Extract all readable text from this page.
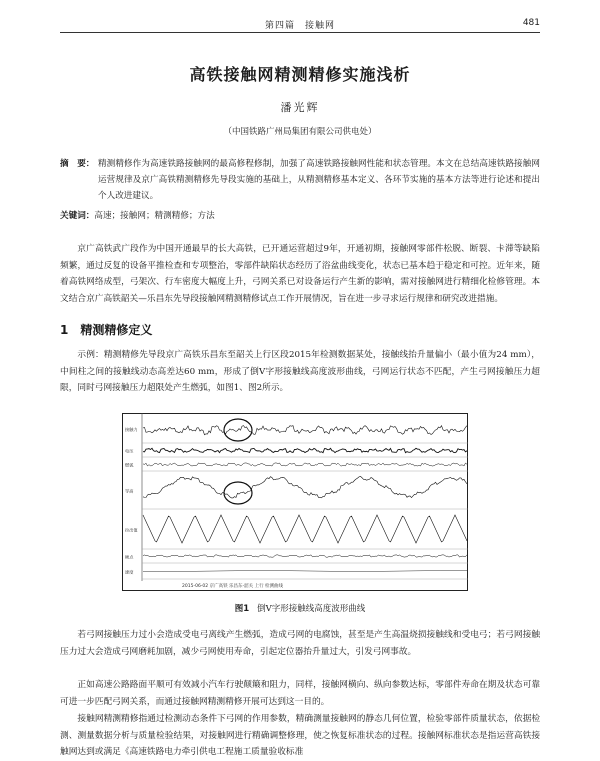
第四篇　接触网	481
高铁接触网精测精修实施浅析
潘光辉
（中国铁路广州局集团有限公司供电处）
摘　要： 精测精修作为高速铁路接触网的最高修程修制，加强了高速铁路接触网性能和状态管理。本文在总结高速铁路接触网运营规律及京广高铁精测精修先导段实施的基础上，从精测精修基本定义、各环节实施的基本方法等进行论述和提出个人改进建议。
关键词：高速；接触网；精测精修；方法
京广高铁武广段作为中国开通最早的长大高铁，已开通运营超过9年，开通初期，接触网零部件松脱、断裂、卡滞等缺陷频繁，通过反复的设备平推检查和专项整治，零部件缺陷状态经历了浴盆曲线变化，状态已基本趋于稳定和可控。近年来，随着高铁网络成型，弓架次、行车密度大幅度上升，弓网关系已对设备运行产生新的影响，需对接触网进行精细化检修管理。本文结合京广高铁韶关—乐昌东先导段接触网精测精修试点工作开展情况，旨在进一步寻求运行规律和研究改进措施。
1 精测精修定义
示例：精测精修先导段京广高铁乐昌东至韶关上行区段2015年检测数据某处，接触线抬升量偏小（最小值为24 mm），中间柱之间的接触线动态高差达60 mm，形成了倒V字形接触线高度波形曲线，弓网运行状态不匹配，产生弓网接触压力超限，同时弓网接触压力超限处产生燃弧，如图1、图2所示。
接触力
电压
燃弧
导高
拉出值
硬点
速度
2015-06-02 京广高铁 乐昌东-韶关 上行 检测曲线
图1 倒V字形接触线高度波形曲线
若弓网接触压力过小会造成受电弓离线产生燃弧，造成弓网的电腐蚀，甚至是产生高温烧损接触线和受电弓；若弓网接触压力过大会造成弓网磨耗加剧，减少弓网使用寿命，引起定位器抬升量过大，引发弓网事故。
正如高速公路路面平顺可有效减小汽车行驶颠簸和阻力，同样，接触网横向、纵向参数达标，零部件寿命在期及状态可靠可进一步匹配弓网关系，而通过接触网精测精修开展可达到这一目的。
接触网精测精修指通过检测动态条件下弓网的作用参数，精确测量接触网的静态几何位置，检验零部件质量状态，依据检测、测量数据分析与质量检验结果，对接触网进行精确调整修理，使之恢复标准状态的过程。接触网标准状态是指运营高铁接触网达到或满足《高速铁路电力牵引供电工程施工质量验收标准
